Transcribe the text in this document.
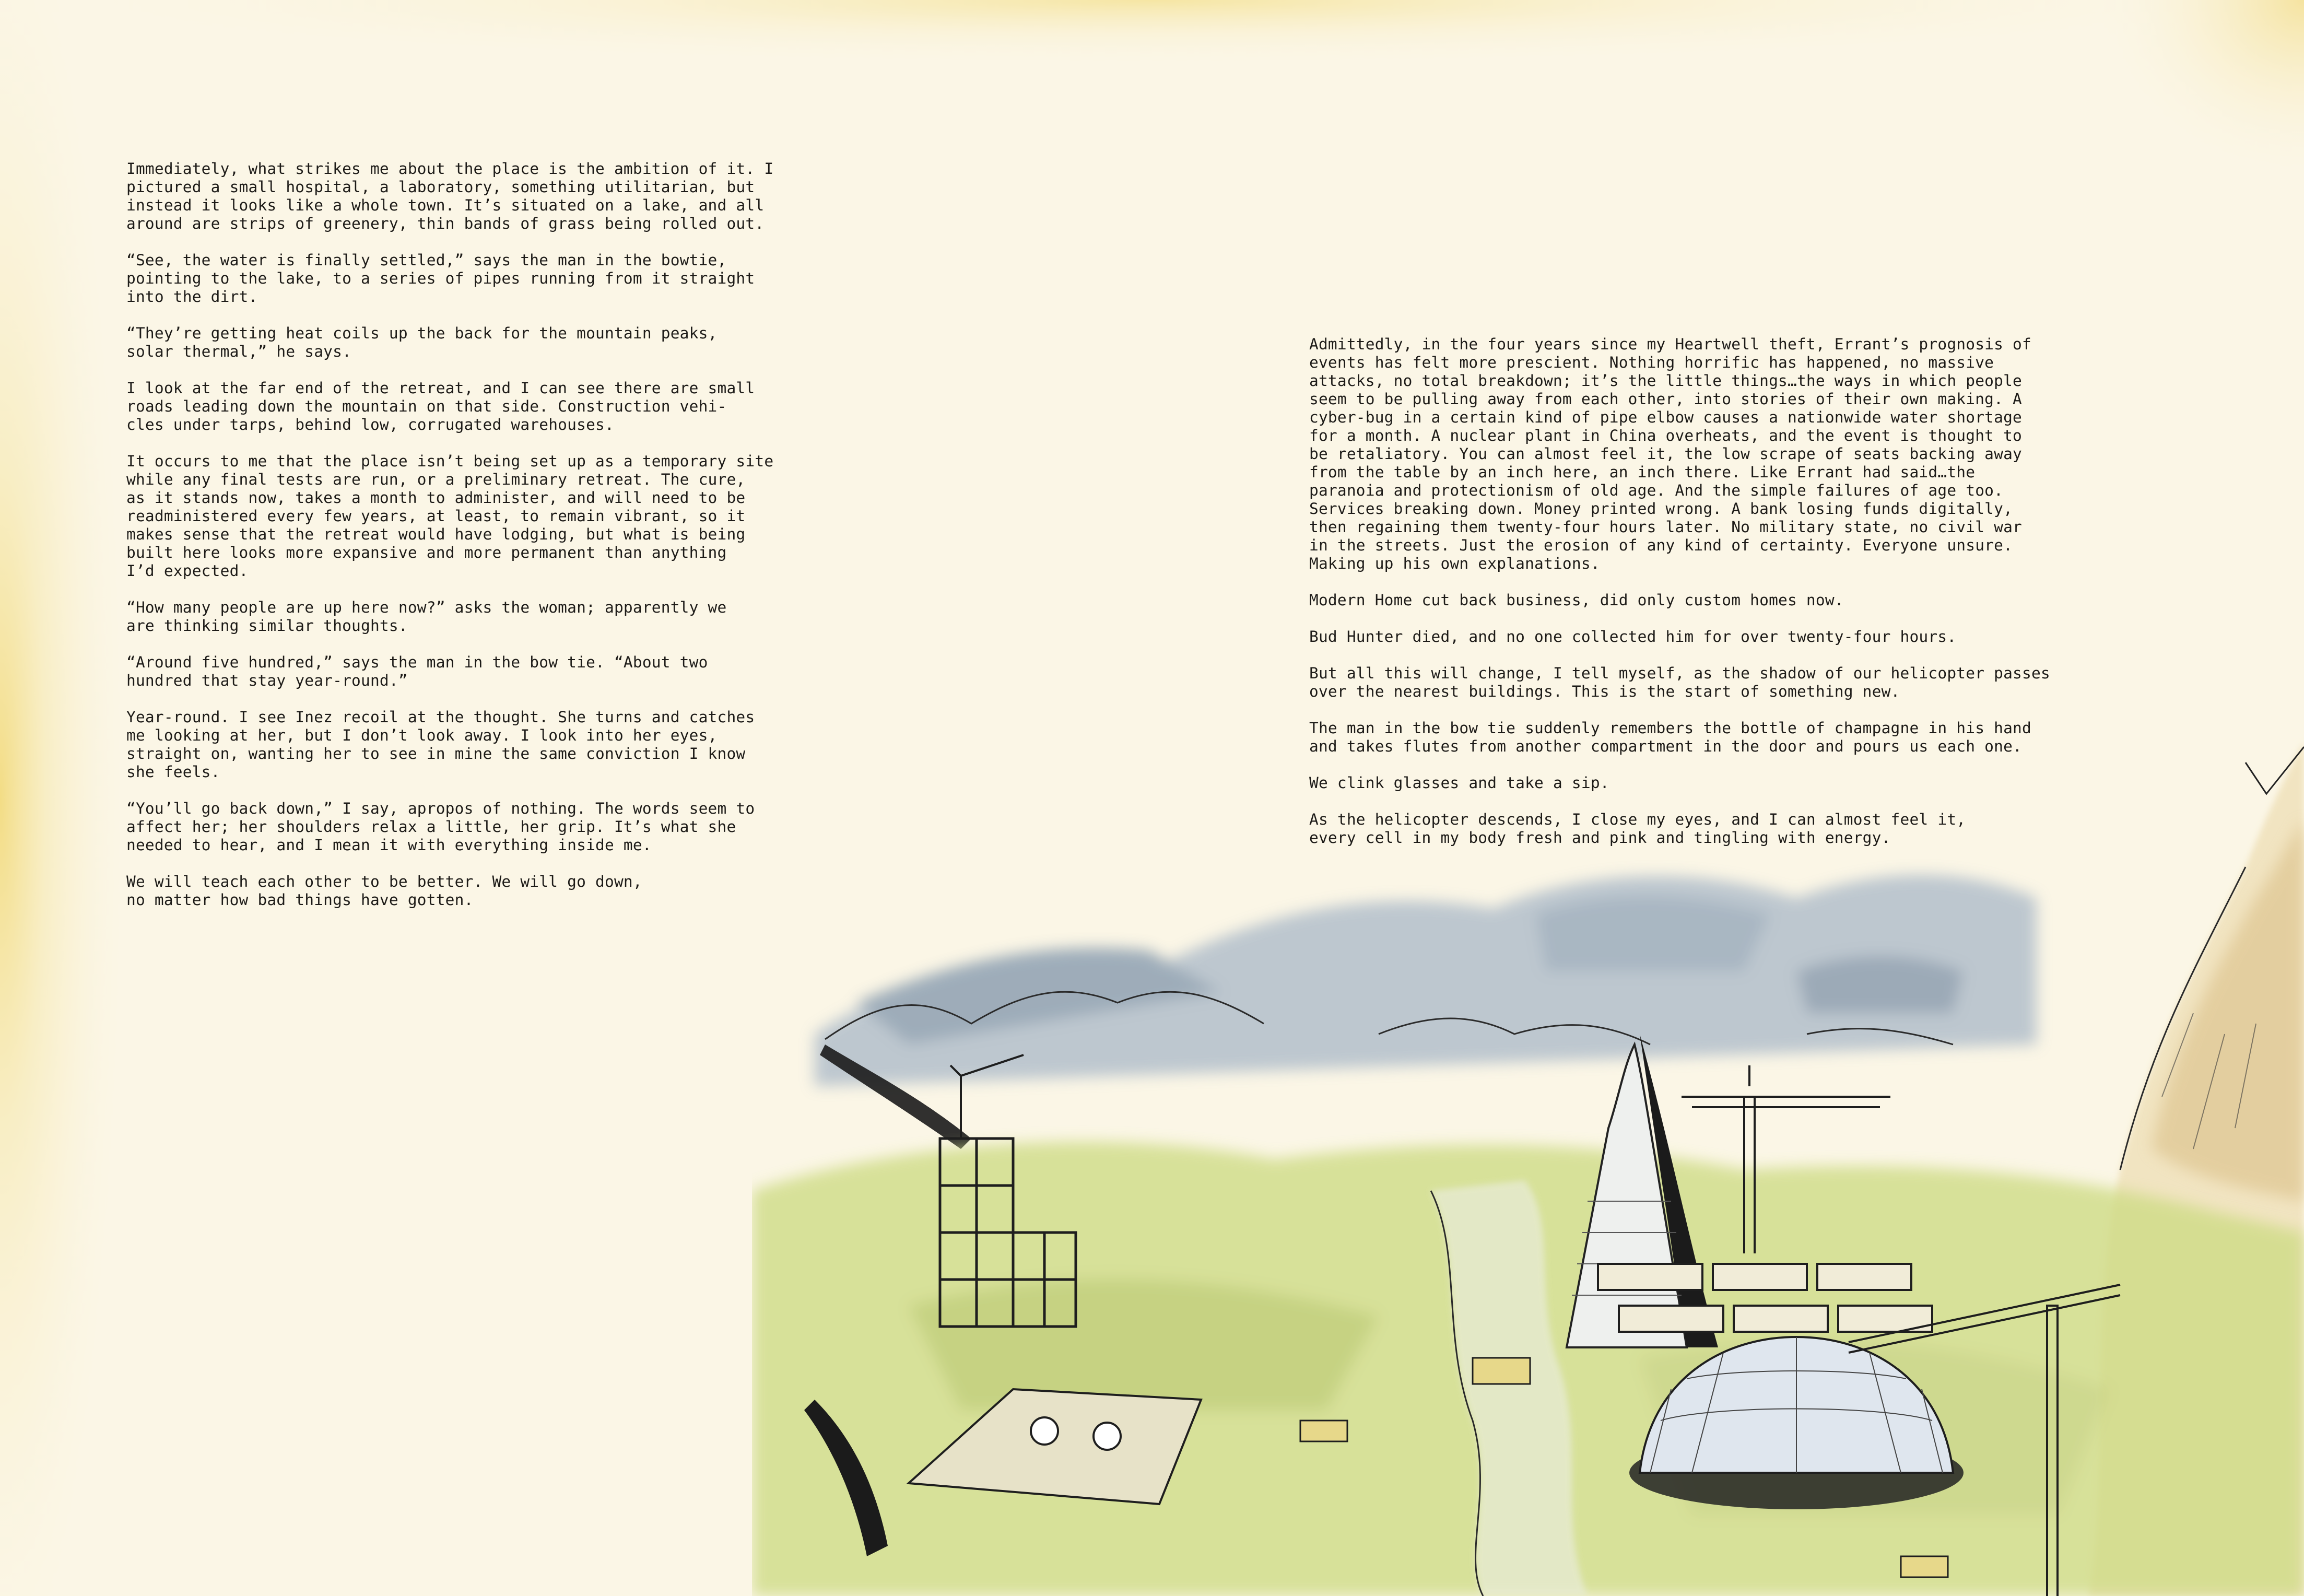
Immediately, what strikes me about the place is the ambition of it. I
pictured a small hospital, a laboratory, something utilitarian, but
instead it looks like a whole town. It’s situated on a lake, and all
around are strips of greenery, thin bands of grass being rolled out.

“See, the water is finally settled,” says the man in the bowtie,
pointing to the lake, to a series of pipes running from it straight
into the dirt.

“They’re getting heat coils up the back for the mountain peaks,
solar thermal,” he says.

I look at the far end of the retreat, and I can see there are small
roads leading down the mountain on that side. Construction vehi-
cles under tarps, behind low, corrugated warehouses.

It occurs to me that the place isn’t being set up as a temporary site
while any final tests are run, or a preliminary retreat. The cure,
as it stands now, takes a month to administer, and will need to be
readministered every few years, at least, to remain vibrant, so it
makes sense that the retreat would have lodging, but what is being
built here looks more expansive and more permanent than anything
I’d expected.

“How many people are up here now?” asks the woman; apparently we
are thinking similar thoughts.

“Around five hundred,” says the man in the bow tie. “About two
hundred that stay year-round.”

Year-round. I see Inez recoil at the thought. She turns and catches
me looking at her, but I don’t look away. I look into her eyes,
straight on, wanting her to see in mine the same conviction I know
she feels.

“You’ll go back down,” I say, apropos of nothing. The words seem to
affect her; her shoulders relax a little, her grip. It’s what she
needed to hear, and I mean it with everything inside me.

We will teach each other to be better. We will go down,
no matter how bad things have gotten.

Admittedly, in the four years since my Heartwell theft, Errant’s prognosis of
events has felt more prescient. Nothing horrific has happened, no massive
attacks, no total breakdown; it’s the little things…the ways in which people
seem to be pulling away from each other, into stories of their own making. A
cyber-bug in a certain kind of pipe elbow causes a nationwide water shortage
for a month. A nuclear plant in China overheats, and the event is thought to
be retaliatory. You can almost feel it, the low scrape of seats backing away
from the table by an inch here, an inch there. Like Errant had said…the
paranoia and protectionism of old age. And the simple failures of age too.
Services breaking down. Money printed wrong. A bank losing funds digitally,
then regaining them twenty-four hours later. No military state, no civil war
in the streets. Just the erosion of any kind of certainty. Everyone unsure.
Making up his own explanations.

Modern Home cut back business, did only custom homes now.

Bud Hunter died, and no one collected him for over twenty-four hours.

But all this will change, I tell myself, as the shadow of our helicopter passes
over the nearest buildings. This is the start of something new.

The man in the bow tie suddenly remembers the bottle of champagne in his hand
and takes flutes from another compartment in the door and pours us each one.

We clink glasses and take a sip.

As the helicopter descends, I close my eyes, and I can almost feel it,
every cell in my body fresh and pink and tingling with energy.
